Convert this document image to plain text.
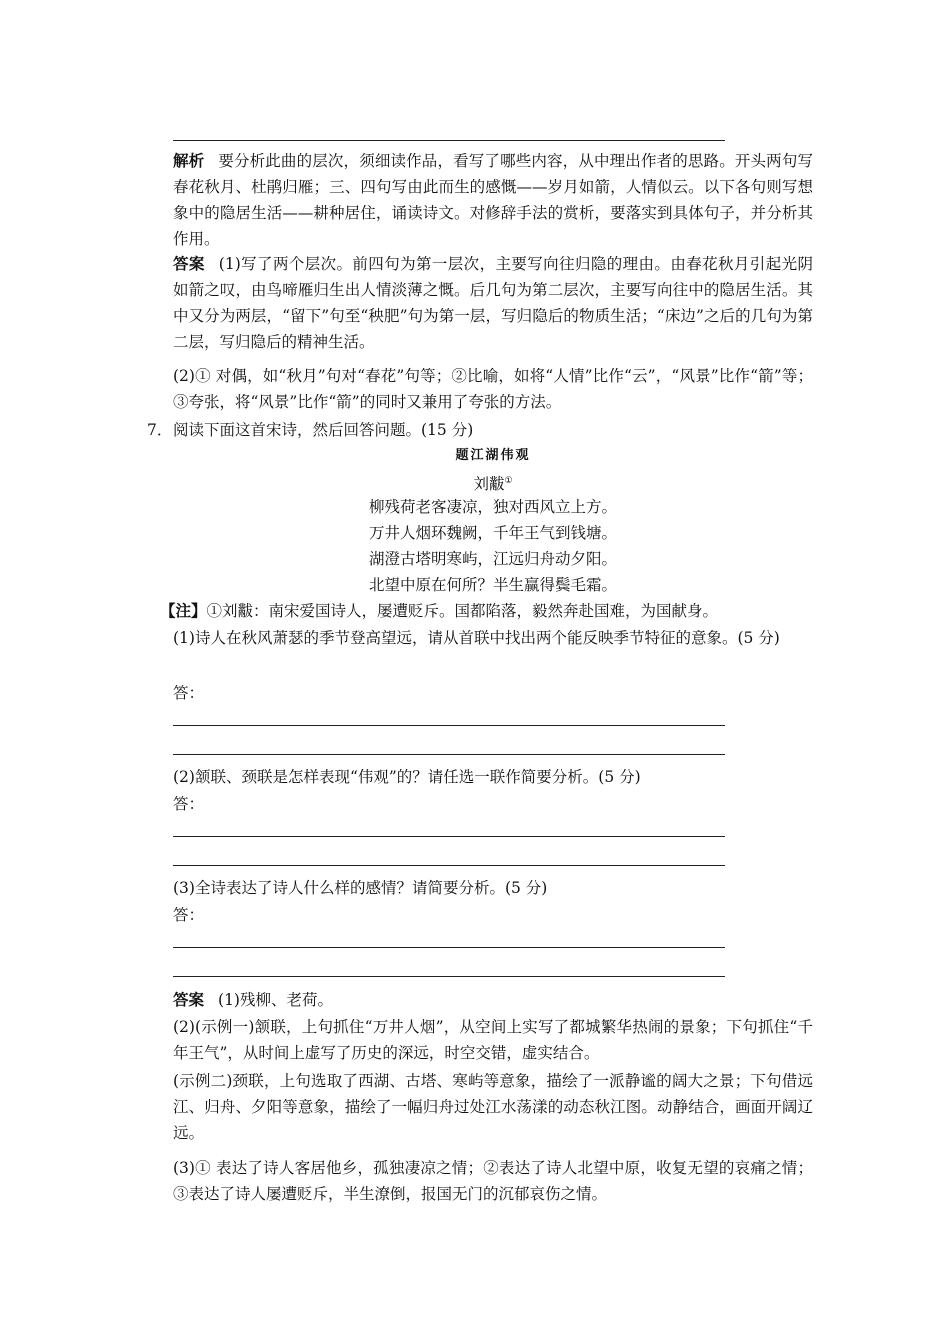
解析 要分析此曲的层次，须细读作品，看写了哪些内容，从中理出作者的思路。开头两句写春花秋月、杜鹃归雁；三、四句写由此而生的感慨——岁月如箭，人情似云。以下各句则写想象中的隐居生活——耕种居住，诵读诗文。对修辞手法的赏析，要落实到具体句子，并分析其作用。
答案 (1)写了两个层次。前四句为第一层次，主要写向往归隐的理由。由春花秋月引起光阴如箭之叹，由鸟啼雁归生出人情淡薄之慨。后几句为第二层次，主要写向往中的隐居生活。其中又分为两层，“留下”句至“秧肥”句为第一层，写归隐后的物质生活；“床边”之后的几句为第二层，写归隐后的精神生活。
(2)① 对偶，如“秋月”句对“春花”句等；②比喻，如将“人情”比作“云”，“风景”比作“箭”等；③夸张，将“风景”比作“箭”的同时又兼用了夸张的方法。
7． 阅读下面这首宋诗，然后回答问题。(15 分)
题江湖伟观
刘黻①
柳残荷老客凄凉，独对西风立上方。
万井人烟环魏阙，千年王气到钱塘。
湖澄古塔明寒屿，江远归舟动夕阳。
北望中原在何所？半生赢得鬓毛霜。
【注】①刘黻：南宋爱国诗人，屡遭贬斥。国都陷落，毅然奔赴国难，为国献身。
(1)诗人在秋风萧瑟的季节登高望远，请从首联中找出两个能反映季节特征的意象。(5 分)
答：
(2)颔联、颈联是怎样表现“伟观”的？请任选一联作简要分析。(5 分)
答：
(3)全诗表达了诗人什么样的感情？请简要分析。(5 分)
答：
答案 (1)残柳、老荷。
(2)(示例一)颔联，上句抓住“万井人烟”，从空间上实写了都城繁华热闹的景象；下句抓住“千年王气”，从时间上虚写了历史的深远，时空交错，虚实结合。
(示例二)颈联，上句选取了西湖、古塔、寒屿等意象，描绘了一派静谧的阔大之景；下句借远江、归舟、夕阳等意象，描绘了一幅归舟过处江水荡漾的动态秋江图。动静结合，画面开阔辽远。
(3)① 表达了诗人客居他乡，孤独凄凉之情；②表达了诗人北望中原，收复无望的哀痛之情；③表达了诗人屡遭贬斥，半生潦倒，报国无门的沉郁哀伤之情。
